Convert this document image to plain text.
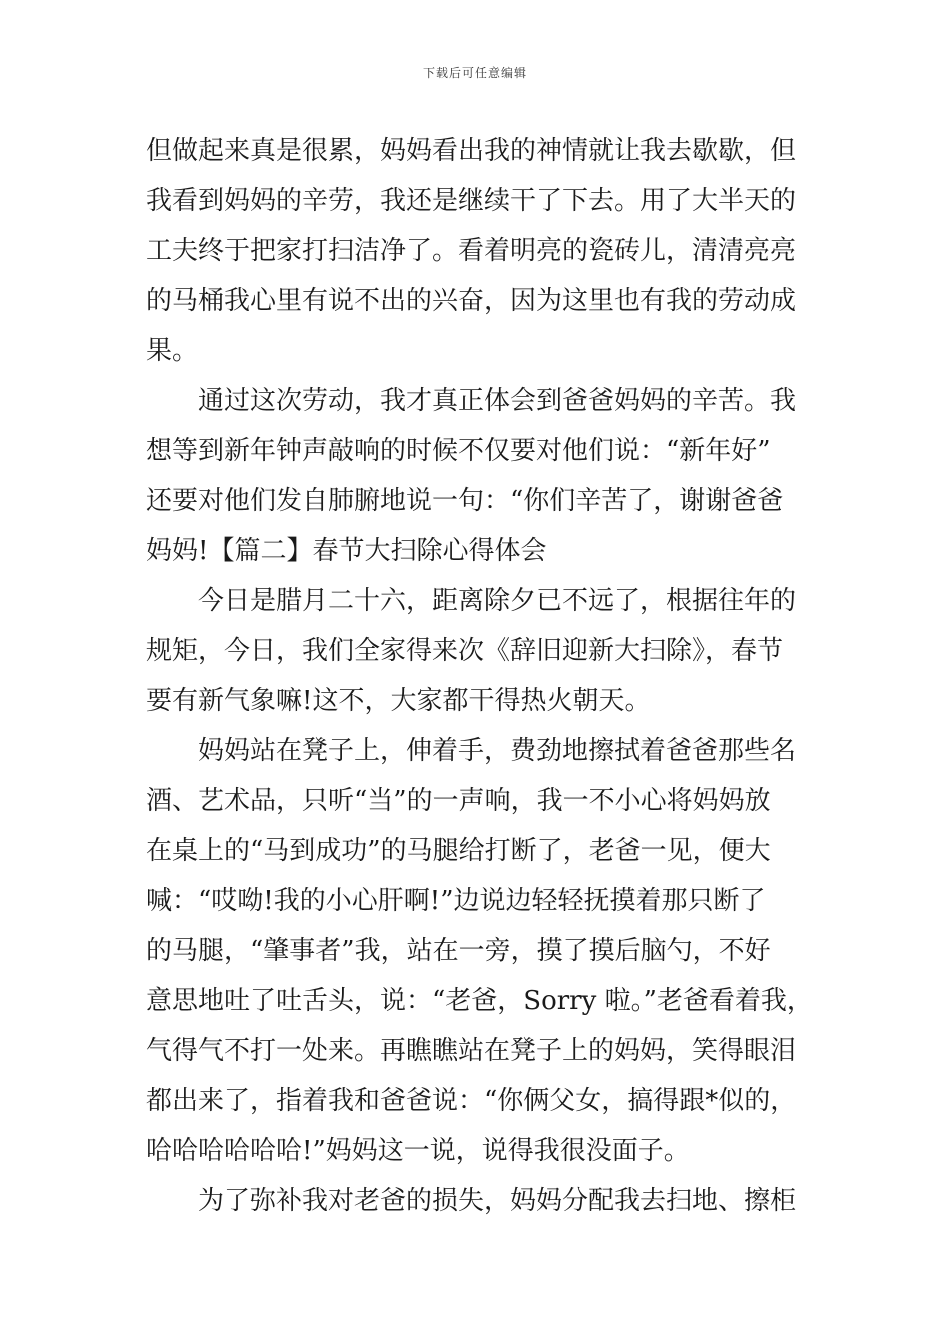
下载后可任意编辑
但做起来真是很累，妈妈看出我的神情就让我去歇歇，但
我看到妈妈的辛劳，我还是继续干了下去。用了大半天的
工夫终于把家打扫洁净了。看着明亮的瓷砖儿，清清亮亮
的马桶我心里有说不出的兴奋，因为这里也有我的劳动成
果。
通过这次劳动，我才真正体会到爸爸妈妈的辛苦。我
想等到新年钟声敲响的时候不仅要对他们说：“新年好”
还要对他们发自肺腑地说一句：“你们辛苦了，谢谢爸爸
妈妈!【篇二】春节大扫除心得体会
今日是腊月二十六，距离除夕已不远了，根据往年的
规矩，今日，我们全家得来次《辞旧迎新大扫除》，春节
要有新气象嘛!这不，大家都干得热火朝天。
妈妈站在凳子上，伸着手，费劲地擦拭着爸爸那些名
酒、艺术品，只听“当”的一声响，我一不小心将妈妈放
在桌上的“马到成功”的马腿给打断了，老爸一见，便大
喊：“哎呦!我的小心肝啊!”边说边轻轻抚摸着那只断了
的马腿，“肇事者”我，站在一旁，摸了摸后脑勺，不好
意思地吐了吐舌头，说：“老爸，Sorry 啦。”老爸看着我，
气得气不打一处来。再瞧瞧站在凳子上的妈妈，笑得眼泪
都出来了，指着我和爸爸说：“你俩父女，搞得跟*似的，
哈哈哈哈哈哈!”妈妈这一说，说得我很没面子。
为了弥补我对老爸的损失，妈妈分配我去扫地、擦柜
